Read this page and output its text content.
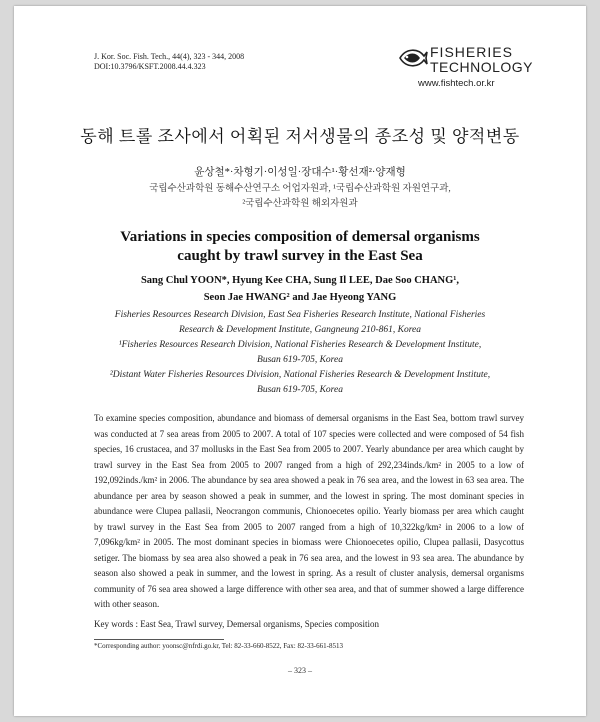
J. Kor. Soc. Fish. Tech., 44(4), 323 - 344, 2008
DOI:10.3796/KSFT.2008.44.4.323
FISHERIES
TECHNOLOGY
www.fishtech.or.kr
동해 트롤 조사에서 어획된 저서생물의 종조성 및 양적변동
윤상철*·차형기·이성일·장대수¹·황선재²·양재형
국립수산과학원 동해수산연구소 어업자원과, ¹국립수산과학원 자원연구과,
²국립수산과학원 해외자원과
Variations in species composition of demersal organisms
caught by trawl survey in the East Sea
Sang Chul YOON*, Hyung Kee CHA, Sung Il LEE, Dae Soo CHANG¹,
Seon Jae HWANG² and Jae Hyeong YANG
Fisheries Resources Research Division, East Sea Fisheries Research Institute, National Fisheries
Research & Development Institute, Gangneung 210-861, Korea
¹Fisheries Resources Research Division, National Fisheries Research & Development Institute,
Busan 619-705, Korea
²Distant Water Fisheries Resources Division, National Fisheries Research & Development Institute,
Busan 619-705, Korea
To examine species composition, abundance and biomass of demersal organisms in the East Sea, bottom trawl survey was conducted at 7 sea areas from 2005 to 2007. A total of 107 species were collected and were composed of 54 fish species, 16 crustacea, and 37 mollusks in the East Sea from 2005 to 2007. Yearly abundance per area which caught by trawl survey in the East Sea from 2005 to 2007 ranged from a high of 292,234inds./km² in 2005 to a low of 192,092inds./km² in 2006. The abundance by sea area showed a peak in 76 sea area, and the lowest in 63 sea area. The abundance per area by season showed a peak in summer, and the lowest in spring. The most dominant species in abundance were Clupea pallasii, Neocrangon communis, Chionoecetes opilio. Yearly biomass per area which caught by trawl survey in the East Sea from 2005 to 2007 ranged from a high of 10,322kg/km² in 2006 to a low of 7,096kg/km² in 2005. The most dominant species in biomass were Chionoecetes opilio, Clupea pallasii, Dasycottus setiger. The biomass by sea area also showed a peak in 76 sea area, and the lowest in 93 sea area. The abundance by season also showed a peak in summer, and the lowest in spring. As a result of cluster analysis, demersal organisms community of 76 sea area showed a large difference with other sea area, and that of summer showed a large difference with other season.
Key words : East Sea, Trawl survey, Demersal organisms, Species composition
*Corresponding author: yoonsc@nfrdi.go.kr, Tel: 82-33-660-8522, Fax: 82-33-661-8513
– 323 –
